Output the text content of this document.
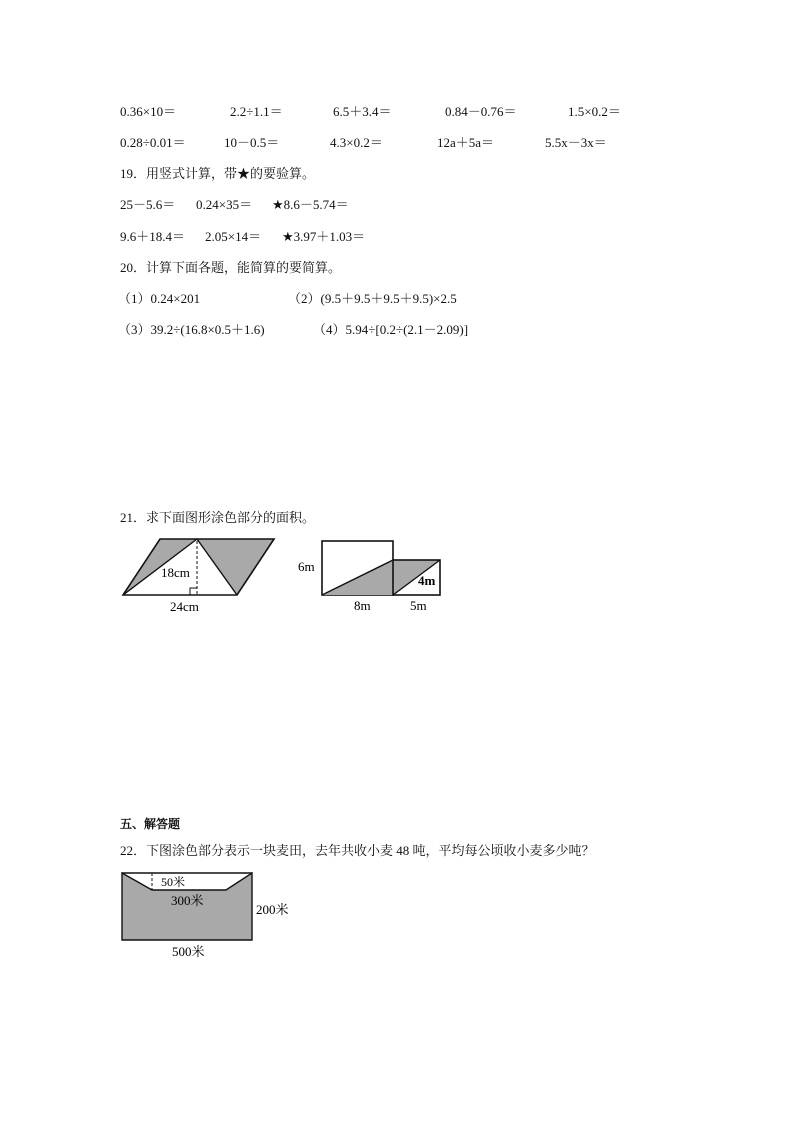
0.36×10＝	2.2÷1.1＝	6.5＋3.4＝	0.84－0.76＝	1.5×0.2＝
0.28÷0.01＝	10－0.5＝	4.3×0.2＝	12a＋5a＝	5.5x－3x＝
19．用竖式计算，带★的要验算。
25－5.6＝ 0.24×35＝ ★8.6－5.74＝
9.6＋18.4＝ 2.05×14＝ ★3.97＋1.03＝
20．计算下面各题，能简算的要简算。
（1）0.24×201	（2）(9.5＋9.5＋9.5＋9.5)×2.5
（3）39.2÷(16.8×0.5＋1.6)	（4）5.94÷[0.2÷(2.1－2.09)]
21．求下面图形涂色部分的面积。
18cm
24cm
6m
4m
8m	5m
50米
300米
200米
500米
五、解答题
22．下图涂色部分表示一块麦田，去年共收小麦 48 吨，平均每公顷收小麦多少吨？
